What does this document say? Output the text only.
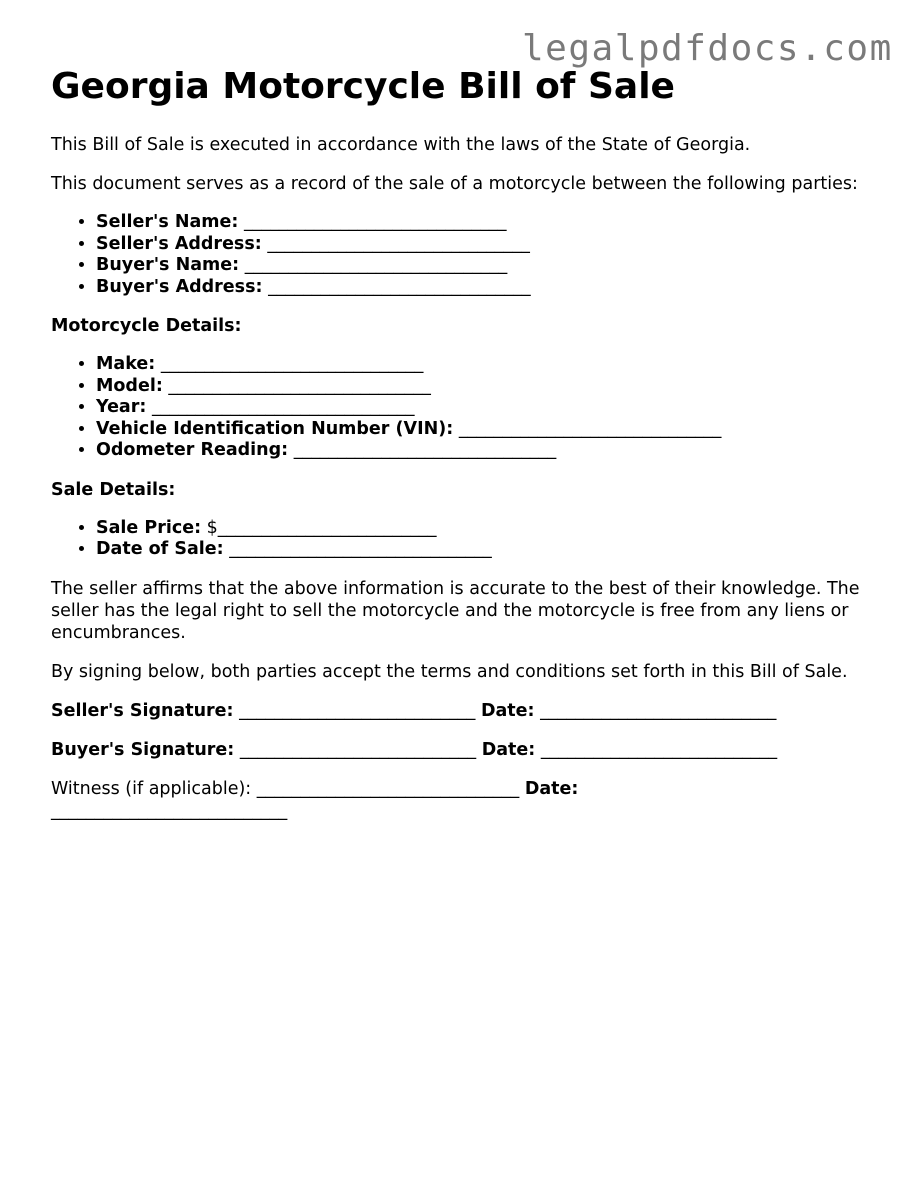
legalpdfdocs.com
Georgia Motorcycle Bill of Sale

This Bill of Sale is executed in accordance with the laws of the State of Georgia.

This document serves as a record of the sale of a motorcycle between the following parties:

• Seller's Name: ______________________________
• Seller's Address: ______________________________
• Buyer's Name: ______________________________
• Buyer's Address: ______________________________

Motorcycle Details:

• Make: ______________________________
• Model: ______________________________
• Year: ______________________________
• Vehicle Identification Number (VIN): ______________________________
• Odometer Reading: ______________________________

Sale Details:

• Sale Price: $_________________________
• Date of Sale: ______________________________

The seller affirms that the above information is accurate to the best of their knowledge. The seller has the legal right to sell the motorcycle and the motorcycle is free from any liens or encumbrances.

By signing below, both parties accept the terms and conditions set forth in this Bill of Sale.

Seller's Signature: ___________________________ Date: ___________________________
Buyer's Signature: ___________________________ Date: ___________________________
Witness (if applicable): ______________________________ Date:
___________________________
